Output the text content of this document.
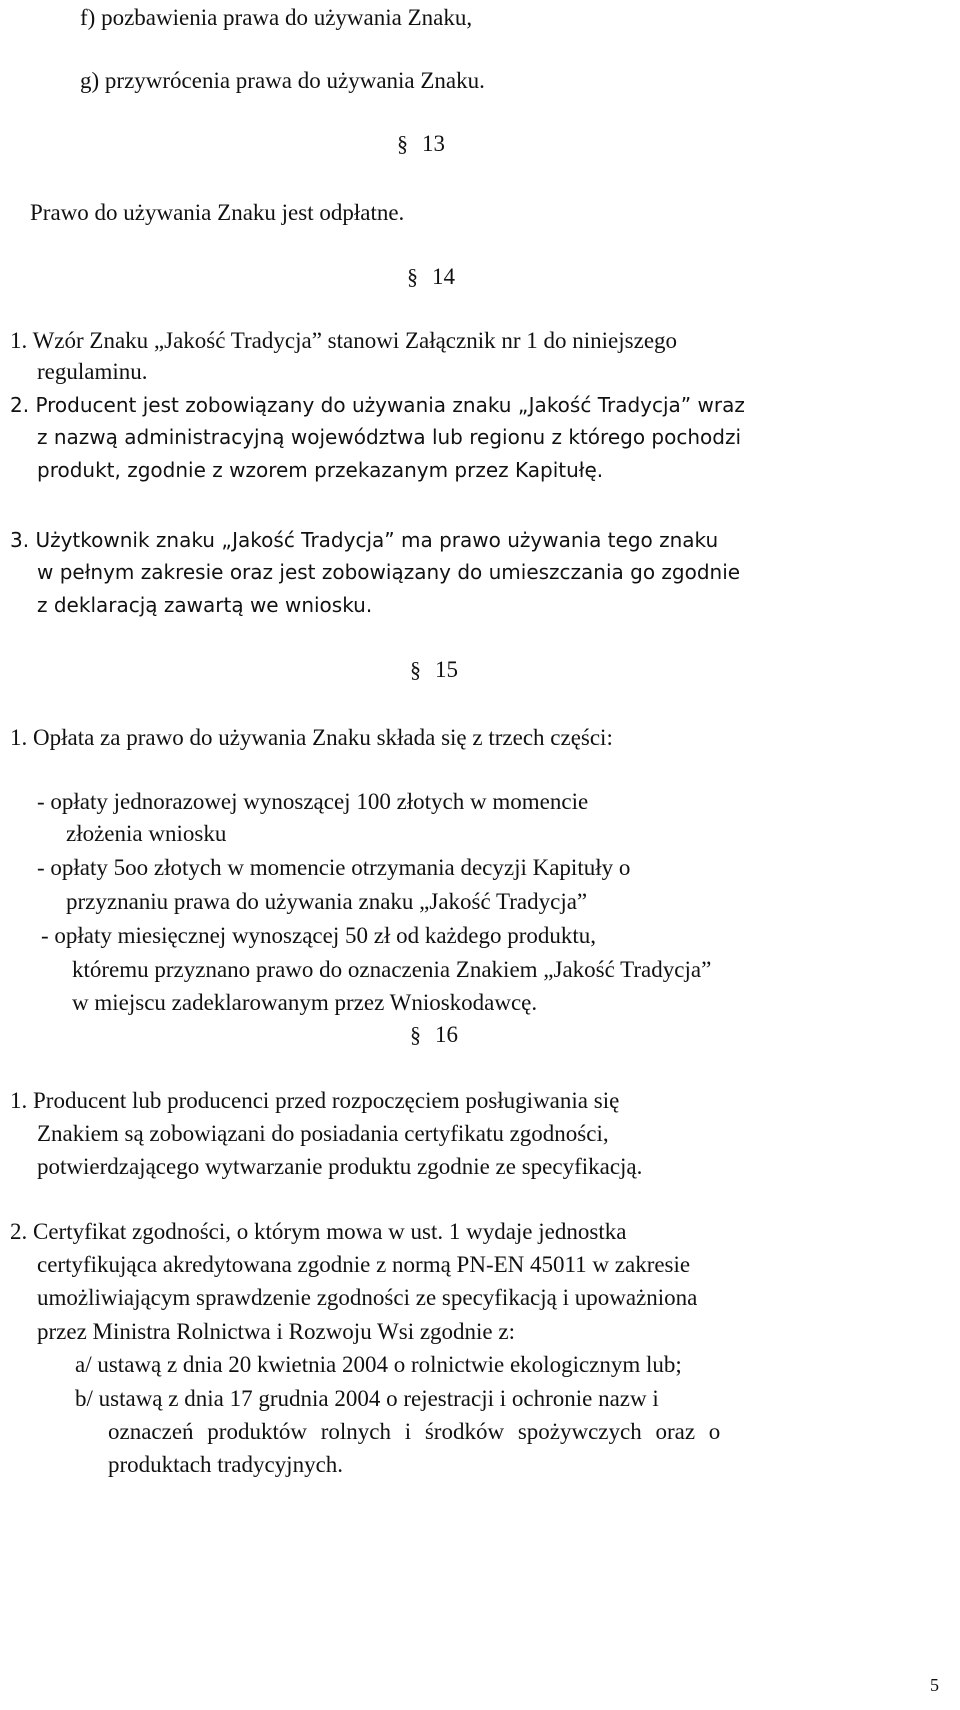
f) pozbawienia prawa do używania Znaku,

g) przywrócenia prawa do używania Znaku.

§ 13

Prawo do używania Znaku jest odpłatne.

§ 14

1. Wzór Znaku „Jakość Tradycja” stanowi Załącznik nr 1 do niniejszego

regulaminu.

2. Producent jest zobowiązany do używania znaku „Jakość Tradycja” wraz

z nazwą administracyjną województwa lub regionu z którego pochodzi

produkt, zgodnie z wzorem przekazanym przez Kapitułę.

3. Użytkownik znaku „Jakość Tradycja” ma prawo używania tego znaku

w pełnym zakresie oraz jest zobowiązany do umieszczania go zgodnie

z deklaracją zawartą we wniosku.

§ 15

1. Opłata za prawo do używania Znaku składa się z trzech części:

- opłaty jednorazowej wynoszącej 100 złotych w momencie

złożenia wniosku

- opłaty 5oo złotych w momencie otrzymania decyzji Kapituły o

przyznaniu prawa do używania znaku „Jakość Tradycja”

- opłaty miesięcznej wynoszącej 50 zł od każdego produktu,

któremu przyznano prawo do oznaczenia Znakiem „Jakość Tradycja”

w miejscu zadeklarowanym przez Wnioskodawcę.

§ 16

1. Producent lub producenci przed rozpoczęciem posługiwania się

Znakiem są zobowiązani do posiadania certyfikatu zgodności,

potwierdzającego wytwarzanie produktu zgodnie ze specyfikacją.

2. Certyfikat zgodności, o którym mowa w ust. 1 wydaje jednostka

certyfikująca akredytowana zgodnie z normą PN-EN 45011 w zakresie

umożliwiającym sprawdzenie zgodności ze specyfikacją i upoważniona

przez Ministra Rolnictwa i Rozwoju Wsi zgodnie z:

a/ ustawą z dnia 20 kwietnia 2004 o rolnictwie ekologicznym lub;

b/ ustawą z dnia 17 grudnia 2004 o rejestracji i ochronie nazw i

oznaczeń produktów rolnych i środków spożywczych oraz o

produktach tradycyjnych.

5
